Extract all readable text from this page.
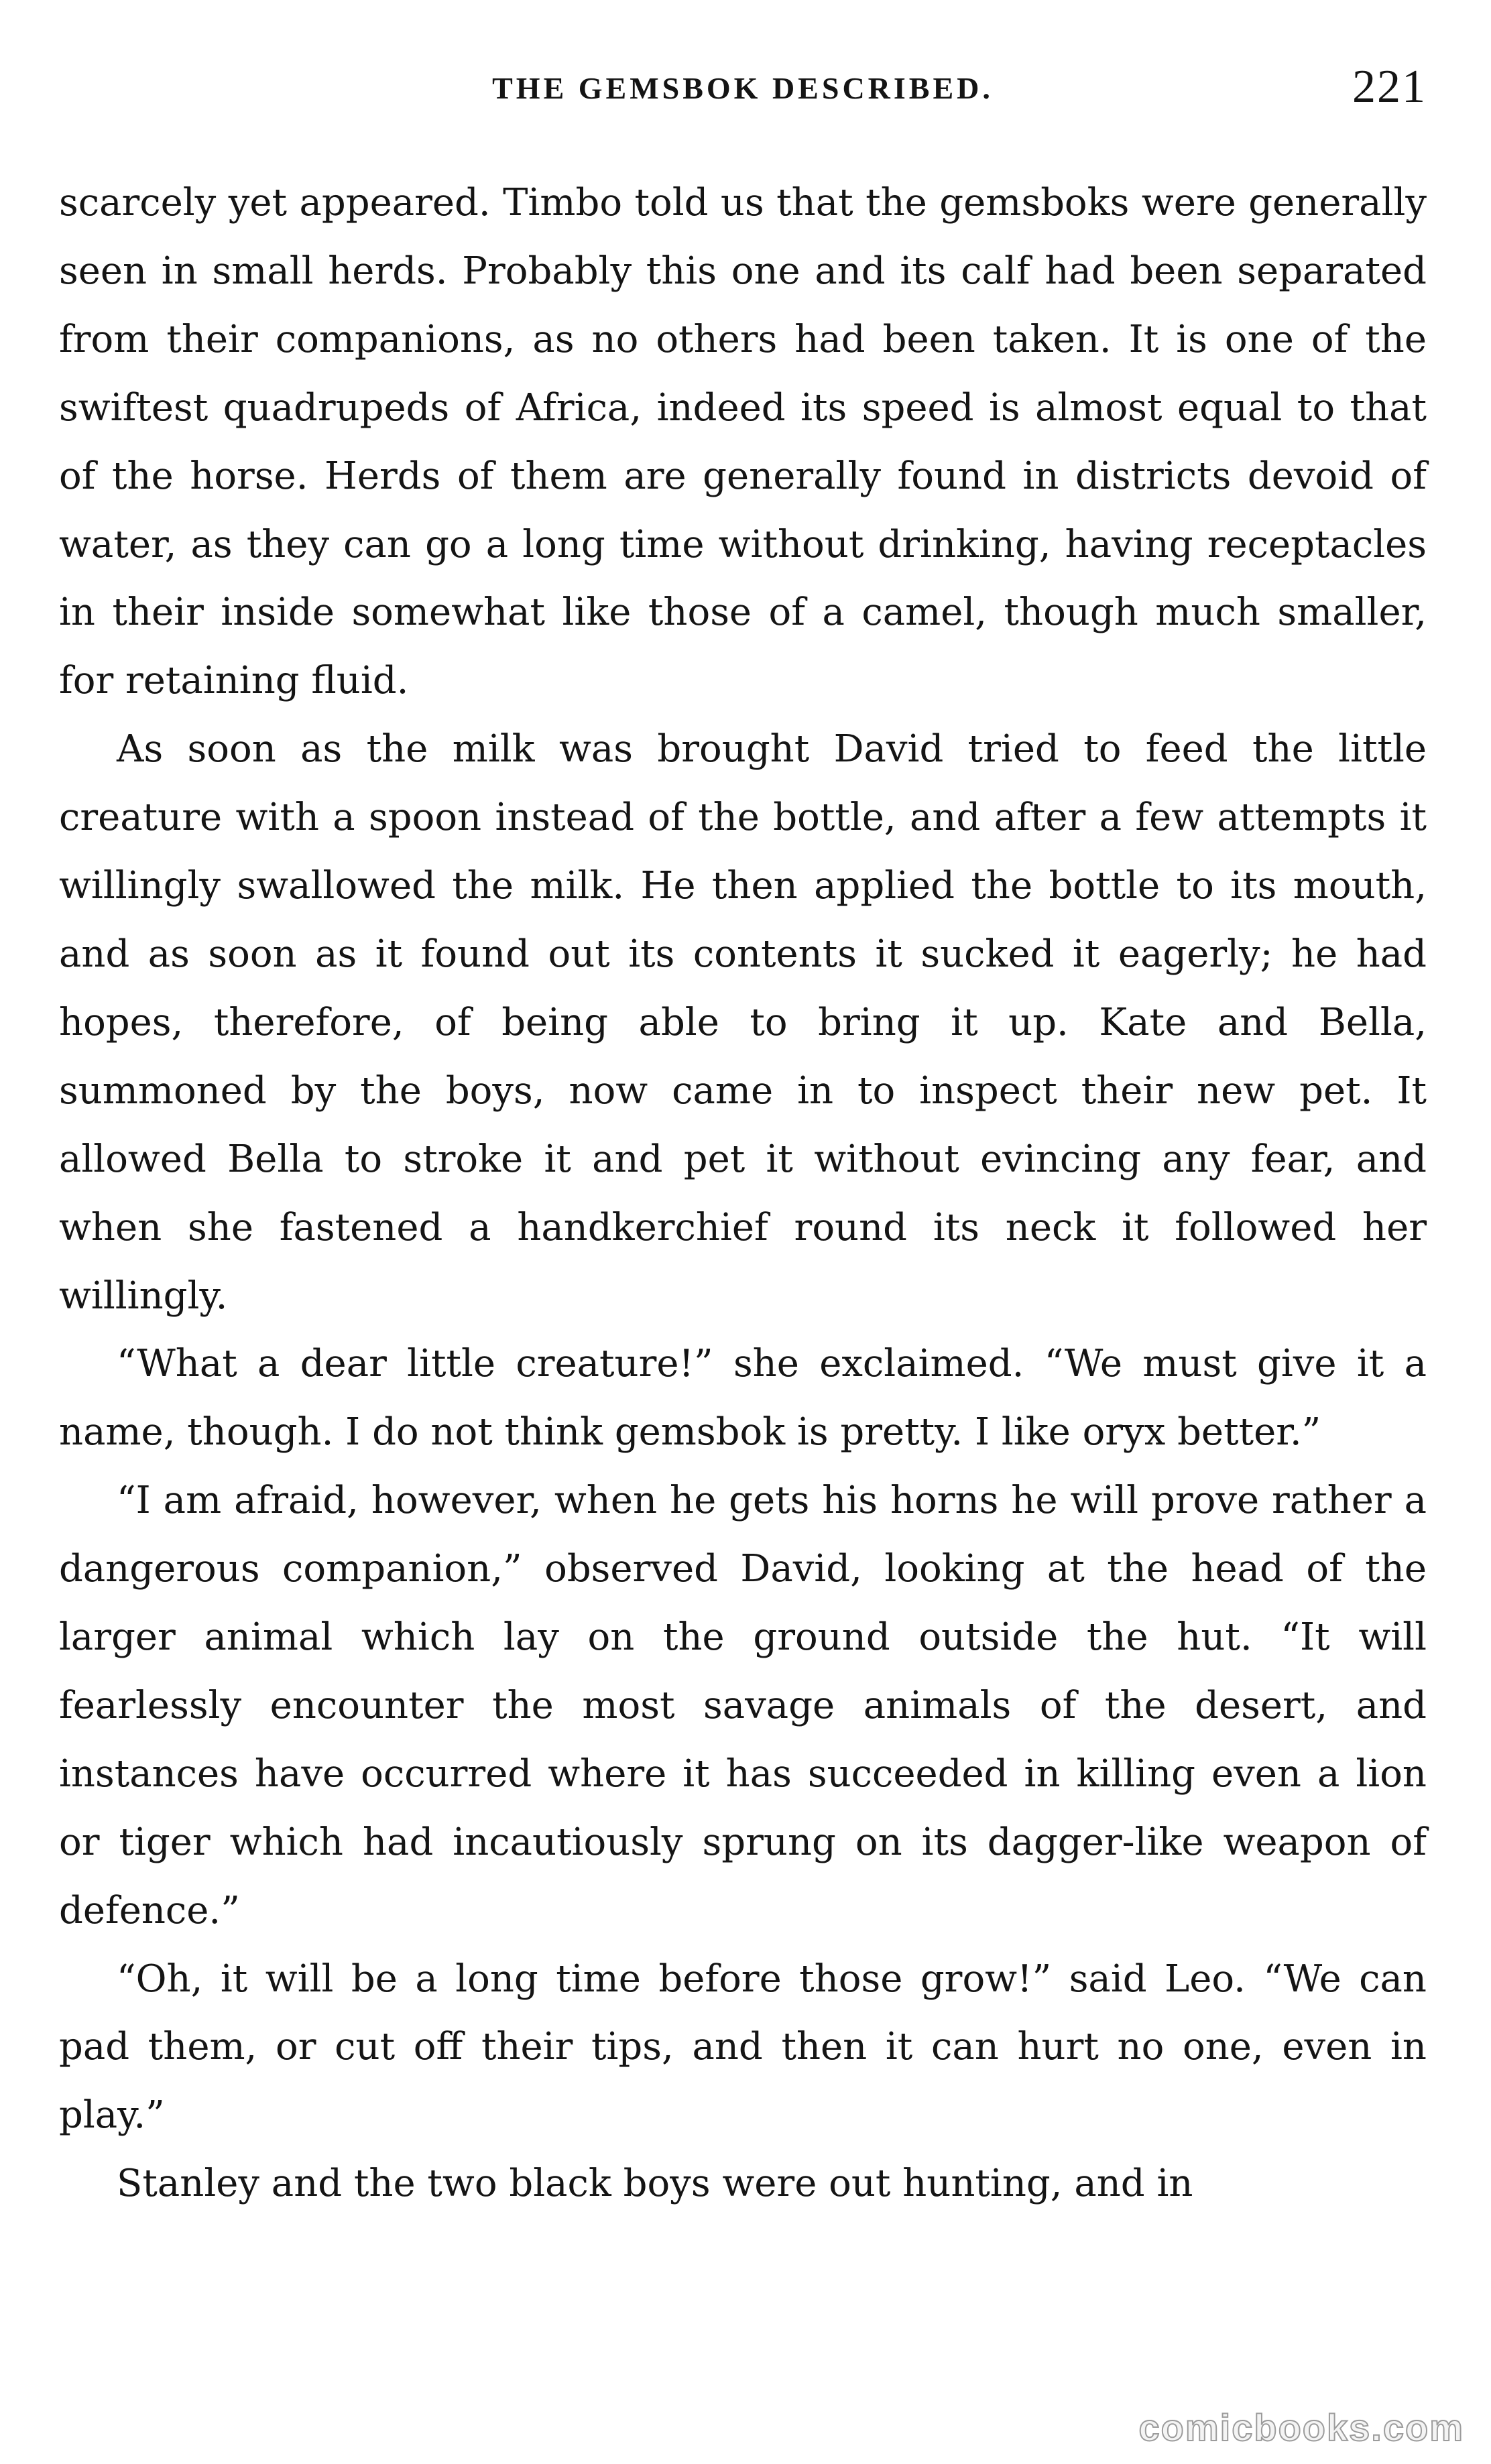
THE GEMSBOK DESCRIBED.	221

scarcely yet appeared. Timbo told us that the gemsboks were generally seen in small herds. Probably this one and its calf had been separated from their companions, as no others had been taken. It is one of the swiftest quadrupeds of Africa, indeed its speed is almost equal to that of the horse. Herds of them are generally found in districts devoid of water, as they can go a long time without drinking, having receptacles in their inside somewhat like those of a camel, though much smaller, for retaining fluid.

As soon as the milk was brought David tried to feed the little creature with a spoon instead of the bottle, and after a few attempts it willingly swallowed the milk. He then applied the bottle to its mouth, and as soon as it found out its contents it sucked it eagerly; he had hopes, therefore, of being able to bring it up. Kate and Bella, summoned by the boys, now came in to inspect their new pet. It allowed Bella to stroke it and pet it without evincing any fear, and when she fastened a handkerchief round its neck it followed her willingly.

“What a dear little creature!” she exclaimed. “We must give it a name, though. I do not think gemsbok is pretty. I like oryx better.”

“I am afraid, however, when he gets his horns he will prove rather a dangerous companion,” observed David, looking at the head of the larger animal which lay on the ground outside the hut. “It will fearlessly encounter the most savage animals of the desert, and instances have occurred where it has succeeded in killing even a lion or tiger which had incautiously sprung on its dagger-like weapon of defence.”

“Oh, it will be a long time before those grow!” said Leo. “We can pad them, or cut off their tips, and then it can hurt no one, even in play.”

Stanley and the two black boys were out hunting, and in

comicbooks.com
